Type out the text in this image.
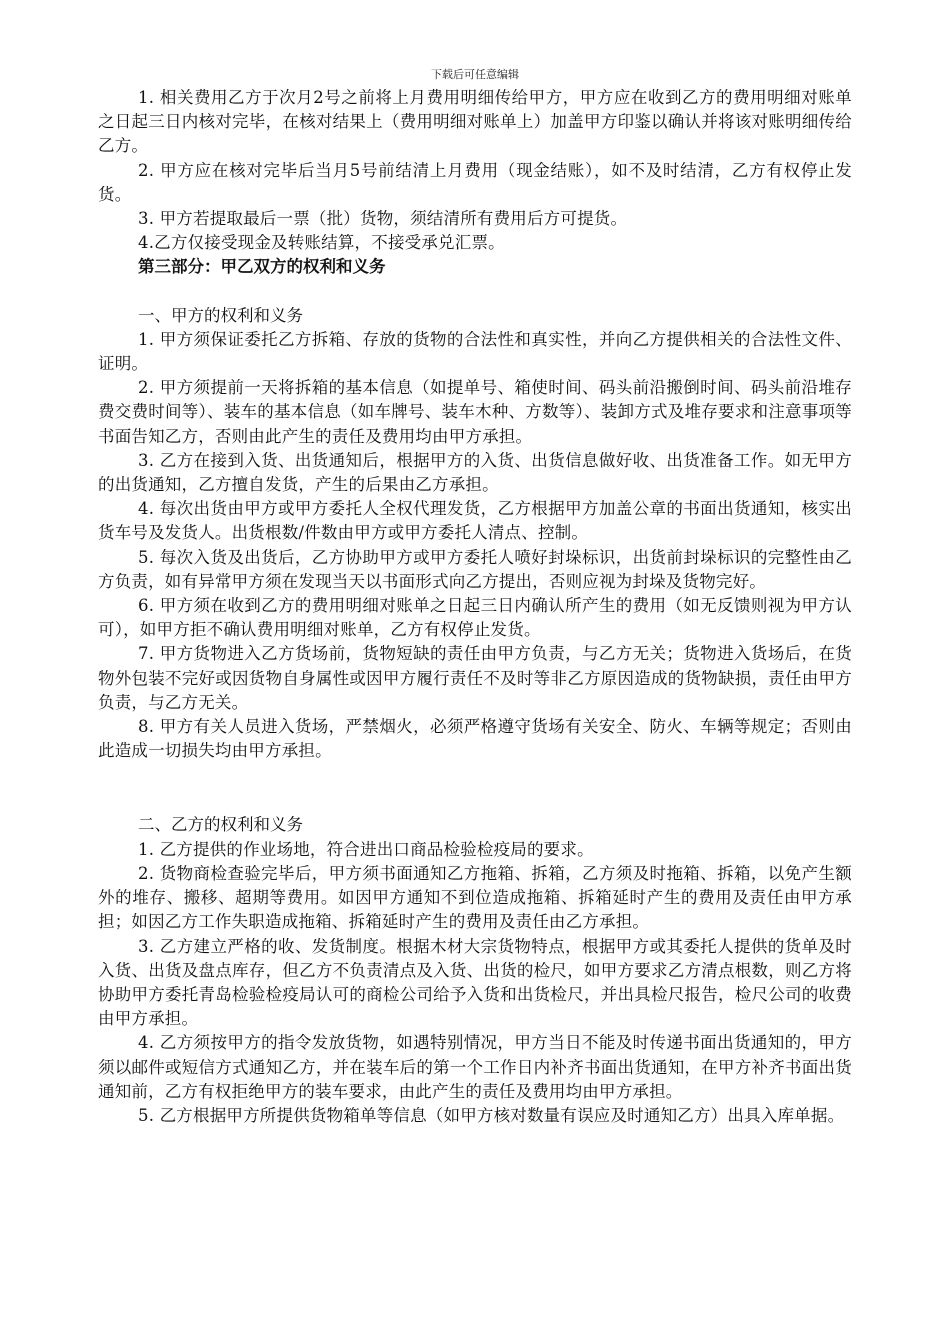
下载后可任意编辑

1. 相关费用乙方于次月2号之前将上月费用明细传给甲方，甲方应在收到乙方的费用明细对账单之日起三日内核对完毕，在核对结果上（费用明细对账单上）加盖甲方印鉴以确认并将该对账明细传给乙方。

2. 甲方应在核对完毕后当月5号前结清上月费用（现金结账），如不及时结清，乙方有权停止发货。

3. 甲方若提取最后一票（批）货物，须结清所有费用后方可提货。

4.乙方仅接受现金及转账结算，不接受承兑汇票。

第三部分：甲乙双方的权利和义务

一、甲方的权利和义务

1. 甲方须保证委托乙方拆箱、存放的货物的合法性和真实性，并向乙方提供相关的合法性文件、证明。

2. 甲方须提前一天将拆箱的基本信息（如提单号、箱使时间、码头前沿搬倒时间、码头前沿堆存费交费时间等）、装车的基本信息（如车牌号、装车木种、方数等）、装卸方式及堆存要求和注意事项等书面告知乙方，否则由此产生的责任及费用均由甲方承担。

3. 乙方在接到入货、出货通知后，根据甲方的入货、出货信息做好收、出货准备工作。如无甲方的出货通知，乙方擅自发货，产生的后果由乙方承担。

4. 每次出货由甲方或甲方委托人全权代理发货，乙方根据甲方加盖公章的书面出货通知，核实出货车号及发货人。出货根数/件数由甲方或甲方委托人清点、控制。

5. 每次入货及出货后，乙方协助甲方或甲方委托人喷好封垛标识，出货前封垛标识的完整性由乙方负责，如有异常甲方须在发现当天以书面形式向乙方提出，否则应视为封垛及货物完好。

6. 甲方须在收到乙方的费用明细对账单之日起三日内确认所产生的费用（如无反馈则视为甲方认可），如甲方拒不确认费用明细对账单，乙方有权停止发货。

7. 甲方货物进入乙方货场前，货物短缺的责任由甲方负责，与乙方无关；货物进入货场后，在货物外包装不完好或因货物自身属性或因甲方履行责任不及时等非乙方原因造成的货物缺损，责任由甲方负责，与乙方无关。

8. 甲方有关人员进入货场，严禁烟火，必须严格遵守货场有关安全、防火、车辆等规定；否则由此造成一切损失均由甲方承担。

二、乙方的权利和义务

1. 乙方提供的作业场地，符合进出口商品检验检疫局的要求。

2. 货物商检查验完毕后，甲方须书面通知乙方拖箱、拆箱，乙方须及时拖箱、拆箱，以免产生额外的堆存、搬移、超期等费用。如因甲方通知不到位造成拖箱、拆箱延时产生的费用及责任由甲方承担；如因乙方工作失职造成拖箱、拆箱延时产生的费用及责任由乙方承担。

3. 乙方建立严格的收、发货制度。根据木材大宗货物特点，根据甲方或其委托人提供的货单及时入货、出货及盘点库存，但乙方不负责清点及入货、出货的检尺，如甲方要求乙方清点根数，则乙方将协助甲方委托青岛检验检疫局认可的商检公司给予入货和出货检尺，并出具检尺报告，检尺公司的收费由甲方承担。

4. 乙方须按甲方的指令发放货物，如遇特别情况，甲方当日不能及时传递书面出货通知的，甲方须以邮件或短信方式通知乙方，并在装车后的第一个工作日内补齐书面出货通知，在甲方补齐书面出货通知前，乙方有权拒绝甲方的装车要求，由此产生的责任及费用均由甲方承担。

5. 乙方根据甲方所提供货物箱单等信息（如甲方核对数量有误应及时通知乙方）出具入库单据。
